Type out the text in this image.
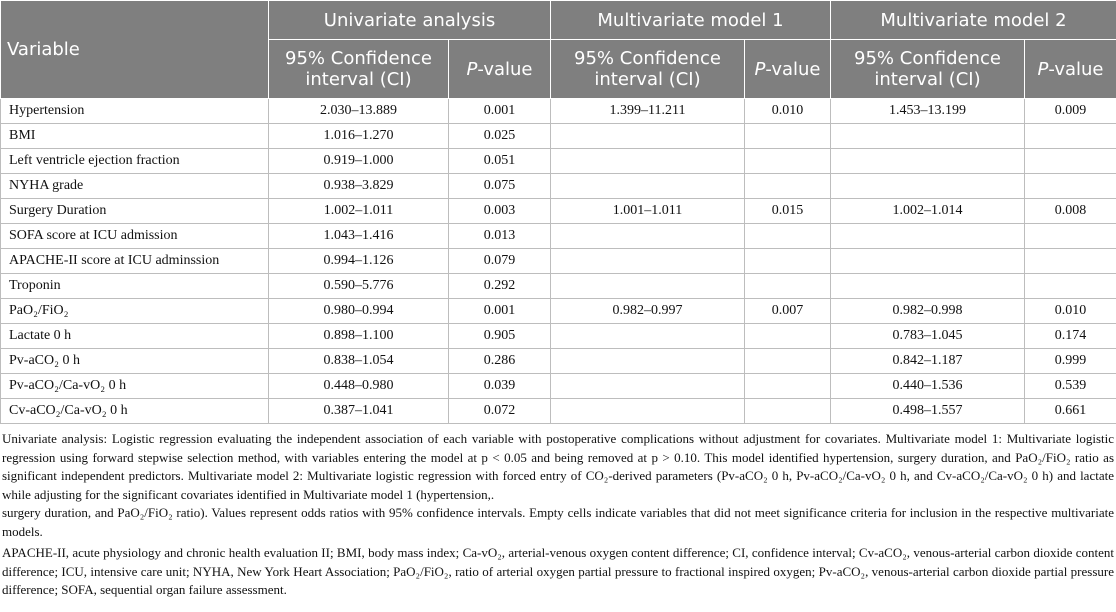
Variable	Univariate analysis		Multivariate model 1		Multivariate model 2	
	95% Confidence interval (CI)	P-value	95% Confidence interval (CI)	P-value	95% Confidence interval (CI)	P-value
Hypertension	2.030–13.889	0.001	1.399–11.211	0.010	1.453–13.199	0.009
BMI	1.016–1.270	0.025				
Left ventricle ejection fraction	0.919–1.000	0.051				
NYHA grade	0.938–3.829	0.075				
Surgery Duration	1.002–1.011	0.003	1.001–1.011	0.015	1.002–1.014	0.008
SOFA score at ICU admission	1.043–1.416	0.013				
APACHE-II score at ICU adminssion	0.994–1.126	0.079				
Troponin	0.590–5.776	0.292				
PaO₂/FiO₂	0.980–0.994	0.001	0.982–0.997	0.007	0.982–0.998	0.010
Lactate 0 h	0.898–1.100	0.905			0.783–1.045	0.174
Pv-aCO₂ 0 h	0.838–1.054	0.286			0.842–1.187	0.999
Pv-aCO₂/Ca-vO₂ 0 h	0.448–0.980	0.039			0.440–1.536	0.539
Cv-aCO₂/Ca-vO₂ 0 h	0.387–1.041	0.072			0.498–1.557	0.661

Univariate analysis: Logistic regression evaluating the independent association of each variable with postoperative complications without adjustment for covariates. Multivariate model 1: Multivariate logistic regression using forward stepwise selection method, with variables entering the model at p < 0.05 and being removed at p > 0.10. This model identified hypertension, surgery duration, and PaO₂/FiO₂ ratio as significant independent predictors. Multivariate model 2: Multivariate logistic regression with forced entry of CO₂-derived parameters (Pv-aCO₂ 0 h, Pv-aCO₂/Ca-vO₂ 0 h, and Cv-aCO₂/Ca-vO₂ 0 h) and lactate while adjusting for the significant covariates identified in Multivariate model 1 (hypertension,.

surgery duration, and PaO₂/FiO₂ ratio). Values represent odds ratios with 95% confidence intervals. Empty cells indicate variables that did not meet significance criteria for inclusion in the respective multivariate models.

APACHE-II, acute physiology and chronic health evaluation II; BMI, body mass index; Ca-vO₂, arterial-venous oxygen content difference; CI, confidence interval; Cv-aCO₂, venous-arterial carbon dioxide content difference; ICU, intensive care unit; NYHA, New York Heart Association; PaO₂/FiO₂, ratio of arterial oxygen partial pressure to fractional inspired oxygen; Pv-aCO₂, venous-arterial carbon dioxide partial pressure difference; SOFA, sequential organ failure assessment.
